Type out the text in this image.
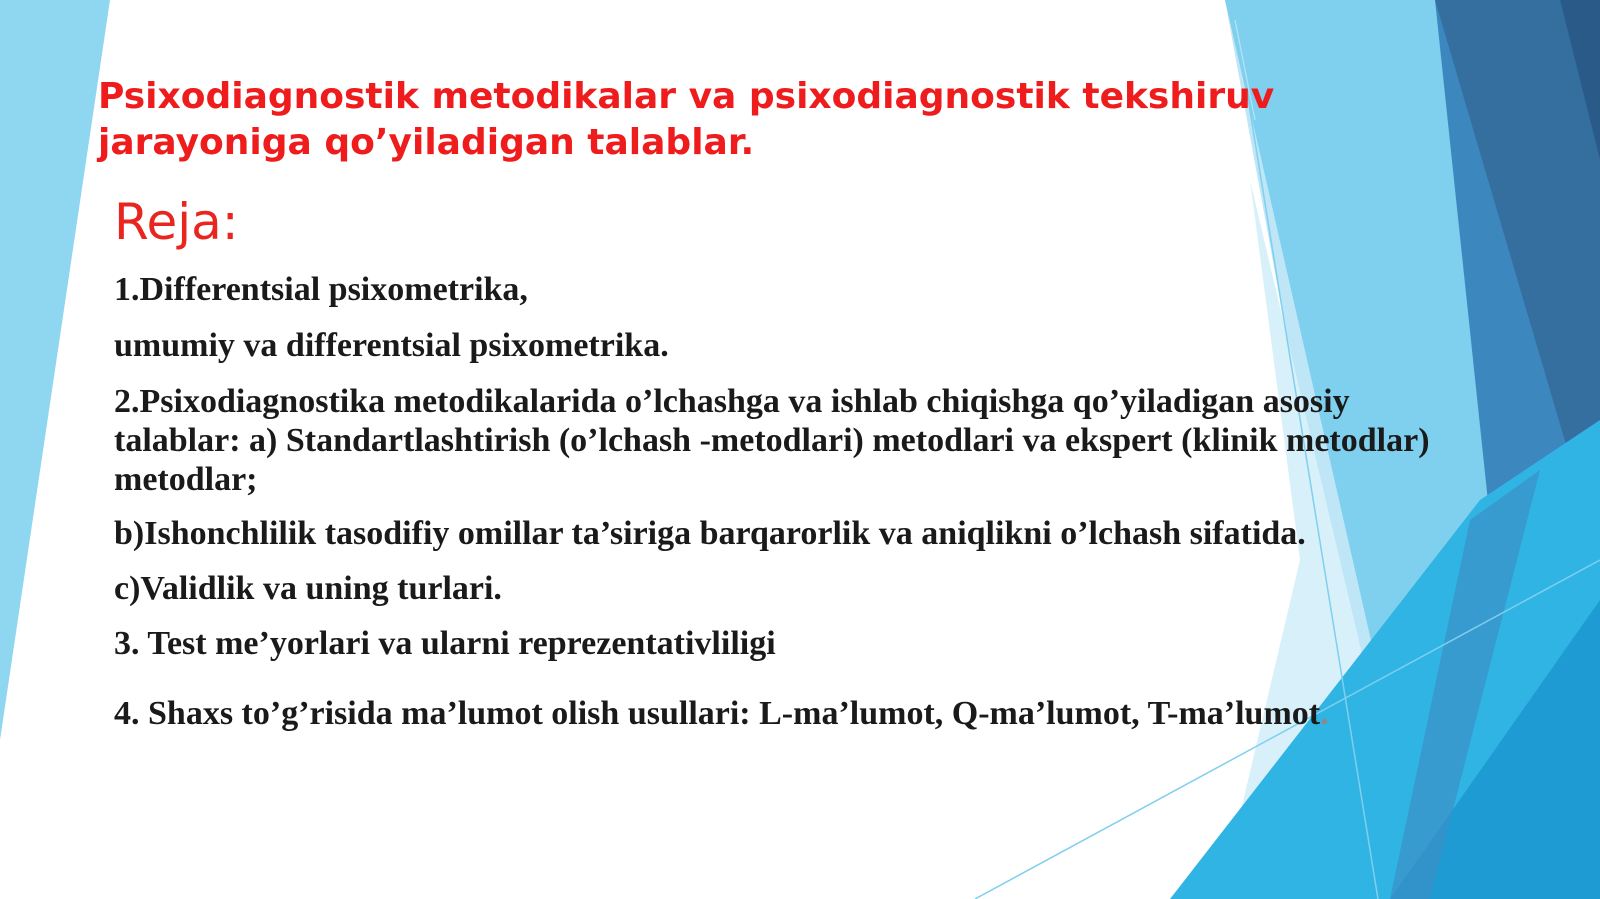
Psixodiagnostik metodikalar va psixodiagnostik tekshiruv jarayoniga qo’yiladigan talablar.
Reja:

1.Differentsial psixometrika,

umumiy va differentsial psixometrika.

2.Psixodiagnostika metodikalarida o’lchashga va ishlab chiqishga qo’yiladigan asosiy talablar: a) Standartlashtirish (o’lchash -metodlari) metodlari va ekspert (klinik metodlar) metodlar;

b)Ishonchlilik tasodifiy omillar ta’siriga barqarorlik va aniqlikni o’lchash sifatida.

c)Validlik va uning turlari.

3. Test me’yorlari va ularni reprezentativliligi

4. Shaxs to’g’risida ma’lumot olish usullari: L-ma’lumot, Q-ma’lumot, T-ma’lumot.
